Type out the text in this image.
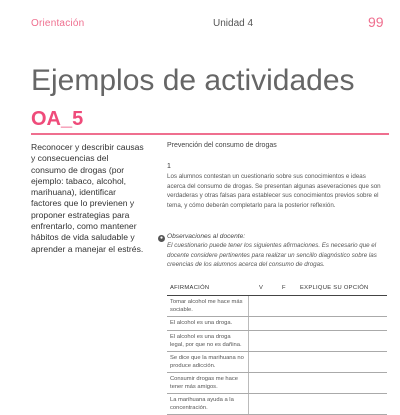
Orientación	Unidad 4	99
Ejemplos de actividades
OA_5

Reconocer y describir causas y consecuencias del consumo de drogas (por ejemplo: tabaco, alcohol, marihuana), identificar factores que lo previenen y proponer estrategias para enfrentarlo, como mantener hábitos de vida saludable y aprender a manejar el estrés.

Prevención del consumo de drogas
1

Los alumnos contestan un cuestionario sobre sus conocimientos e ideas acerca del consumo de drogas. Se presentan algunas aseveraciones que son verdaderas y otras falsas para establecer sus conocimientos previos sobre el tema, y cómo deberán completarlo para la posterior reflexión.

● Observaciones al docente:

El cuestionario puede tener los siguientes afirmaciones. Es necesario que el docente considere pertinentes para realizar un sencillo diagnóstico sobre las creencias de los alumnos acerca del consumo de drogas.

AFIRMACIÓN	V	F EXPLIQUE SU OPCIÓN
Tomar alcohol me hace más sociable.
El alcohol es una droga.
El alcohol es una droga legal, por que no es dañina.
Se dice que la marihuana no produce adicción.
Consumir drogas me hace tener más amigos.
La marihuana ayuda a la concentración.
